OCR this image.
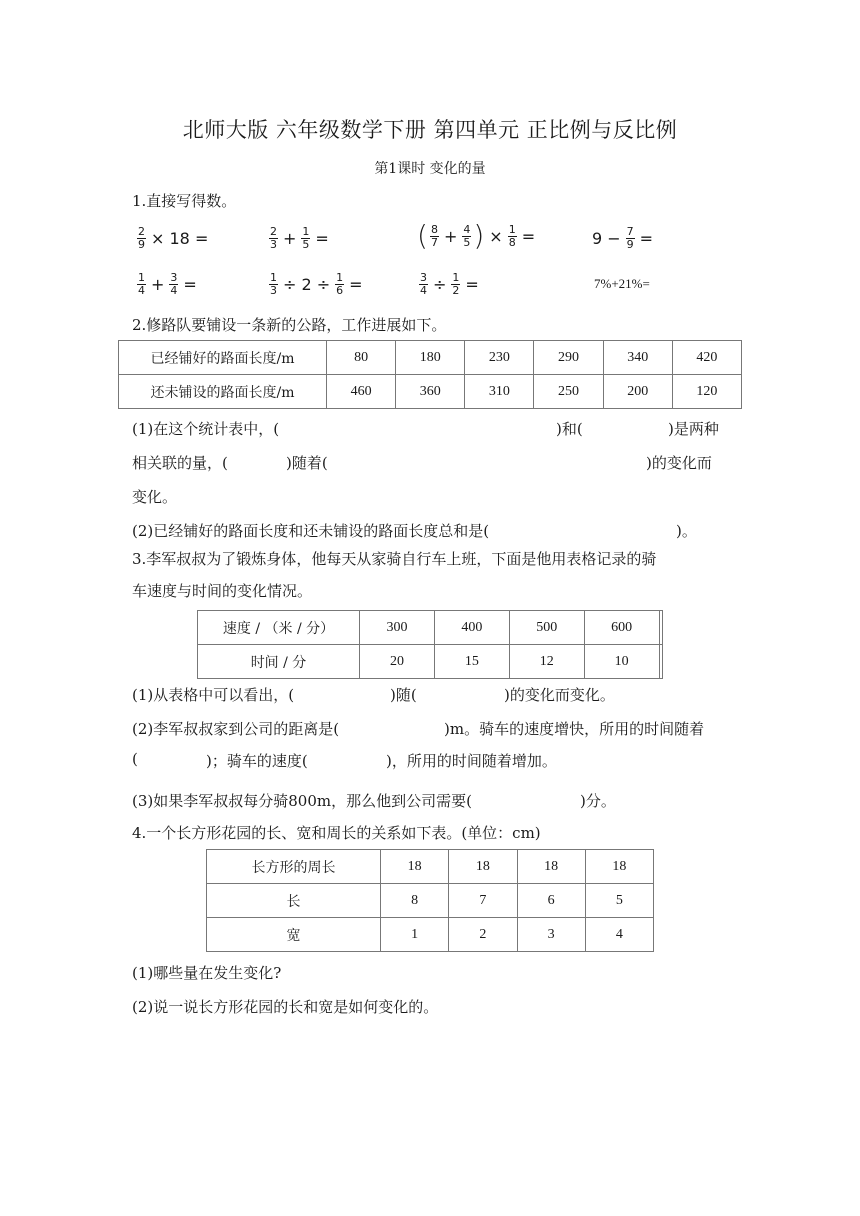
北师大版 六年级数学下册 第四单元 正比例与反比例
第1课时 变化的量
1.直接写得数。
$\frac{2}{9} \times 18$ =	$\frac{2}{3} + \frac{1}{5}$ =	( $\frac{8}{7} + \frac{4}{5}$ ) × $\frac{1}{8}$ =	$9 - \frac{7}{9}$ =
$\frac{1}{4} + \frac{3}{4}$ =	$\frac{1}{3} \div 2 \div \frac{1}{6}$ =	$\frac{3}{4} \div \frac{1}{2}$ =	7%+21%=
2.修路队要铺设一条新的公路，工作进展如下。
已经铺好的路面长度/m	80	180	230	290	340	420
还未铺设的路面长度/m	460	360	310	250	200	120
(1)在这个统计表中，(	)和(	)是两种
相关联的量，(	)随着(	)的变化而
变化。
(2)已经铺好的路面长度和还未铺设的路面长度总和是(	)。
3.李军叔叔为了锻炼身体，他每天从家骑自行车上班，下面是他用表格记录的骑
车速度与时间的变化情况。
速度 / （米 / 分）	300	400	500	600	
时间 / 分	20	15	12	10	
(1)从表格中可以看出，(	)随(	)的变化而变化。
(2)李军叔叔家到公司的距离是(	)m。骑车的速度增快，所用的时间随着
(	)；骑车的速度(	)，所用的时间随着增加。
(3)如果李军叔叔每分骑800m，那么他到公司需要(	)分。
4.一个长方形花园的长、宽和周长的关系如下表。(单位：cm)
长方形的周长	18	18	18	18
长	8	7	6	5
宽	1	2	3	4
(1)哪些量在发生变化?
(2)说一说长方形花园的长和宽是如何变化的。
